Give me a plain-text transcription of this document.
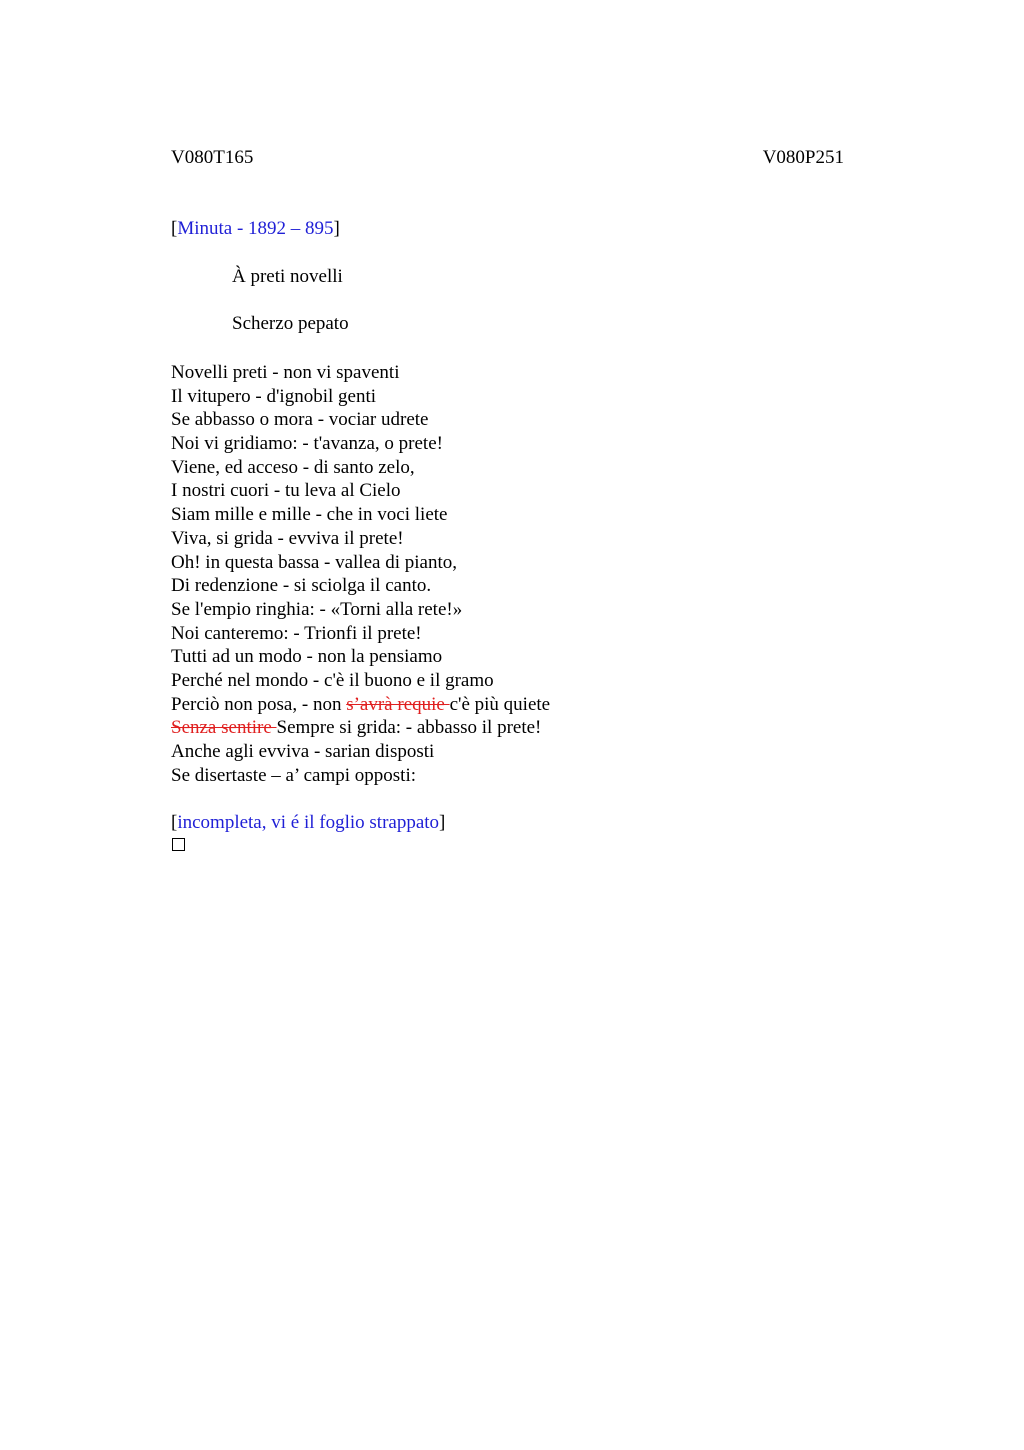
V080T165	V080P251
[Minuta - 1892 – 895]
À preti novelli
Scherzo pepato
Novelli preti - non vi spaventi
Il vitupero - d'ignobil genti
Se abbasso o mora - vociar udrete
Noi vi gridiamo: - t'avanza, o prete!
Viene, ed acceso - di santo zelo,
I nostri cuori - tu leva al Cielo
Siam mille e mille - che in voci liete
Viva, si grida - evviva il prete!
Oh! in questa bassa - vallea di pianto,
Di redenzione - si sciolga il canto.
Se l'empio ringhia: - «Torni alla rete!»
Noi canteremo: - Trionfi il prete!
Tutti ad un modo - non la pensiamo
Perché nel mondo - c'è il buono e il gramo
Perciò non posa, - non s’avrà requie c'è più quiete
Senza sentire Sempre si grida: - abbasso il prete!
Anche agli evviva - sarian disposti
Se disertaste – a’ campi opposti:
[incompleta, vi é il foglio strappato]
